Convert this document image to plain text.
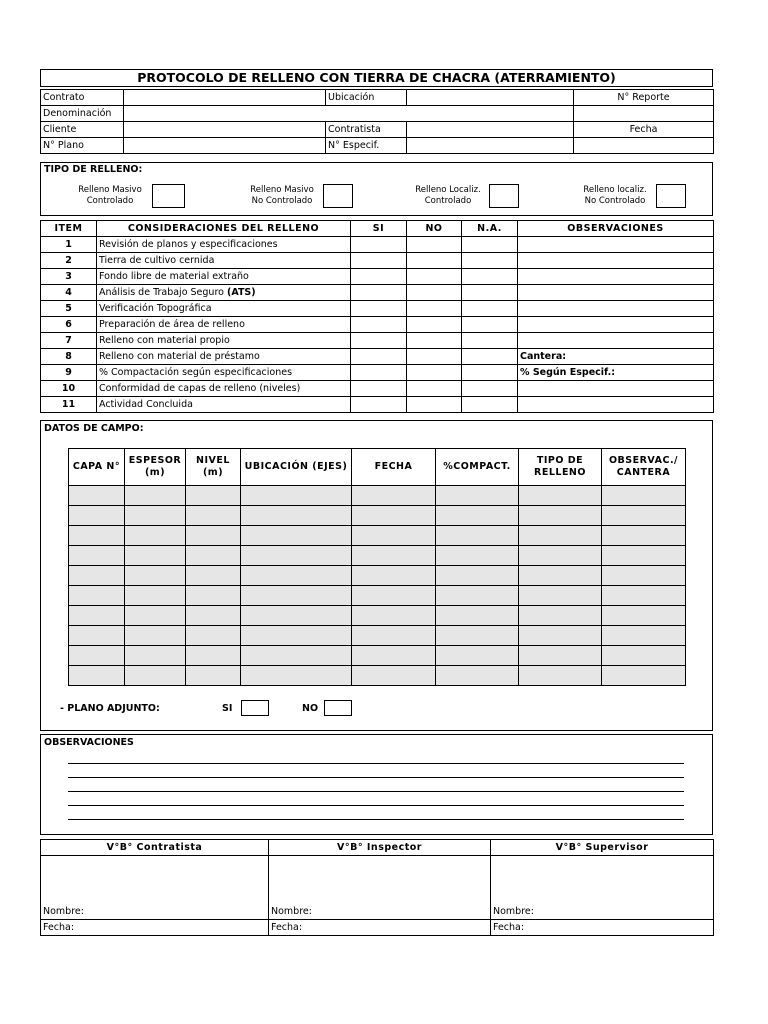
PROTOCOLO DE RELLENO CON TIERRA DE CHACRA (ATERRAMIENTO)
Contrato		Ubicación		N° Reporte
Denominación				
Cliente		Contratista		Fecha
N° Plano		N° Especif.		
TIPO DE RELLENO:
Relleno Masivo
Controlado
Relleno Masivo
No Controlado
Relleno Localiz.
Controlado
Relleno localiz.
No Controlado
ITEM	CONSIDERACIONES DEL RELLENO	SI	NO	N.A.	OBSERVACIONES
1	Revisión de planos y especificaciones				
2	Tierra de cultivo cernida				
3	Fondo libre de material extraño				
4	Análisis de Trabajo Seguro (ATS)				
5	Verificación Topográfica				
6	Preparación de área de relleno				
7	Relleno con material propio				
8	Relleno con material de préstamo				Cantera:
9	% Compactación según especificaciones				% Según Especif.:
10	Conformidad de capas de relleno (niveles)				
11	Actividad Concluida				
DATOS DE CAMPO:
CAPA N°	ESPESOR (m)	NIVEL (m)	UBICACIÓN (EJES)	FECHA	%COMPACT.	TIPO DE RELLENO	OBSERVAC./ CANTERA

- PLANO ADJUNTO:	SI	NO
OBSERVACIONES
V°B° Contratista	V°B° Inspector	V°B° Supervisor

Nombre:	Nombre:	Nombre:
Fecha:	Fecha:	Fecha:
